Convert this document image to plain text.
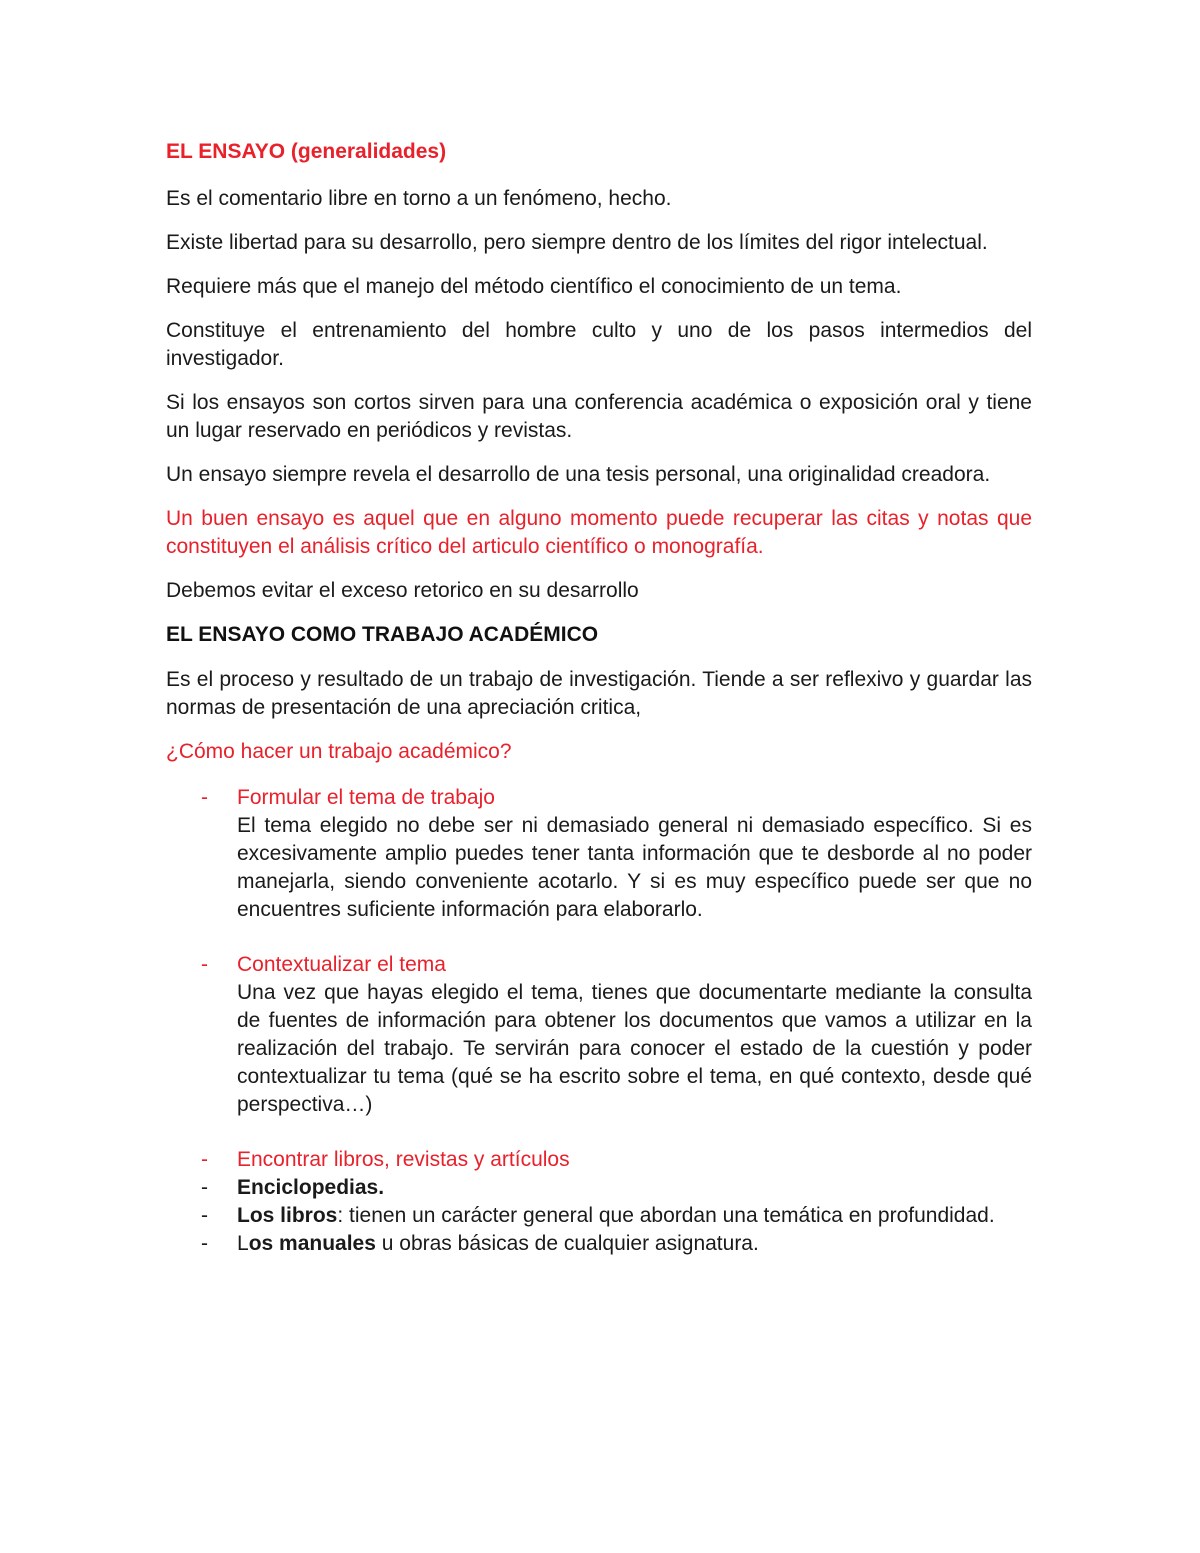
EL ENSAYO (generalidades)

Es el comentario libre en torno a un fenómeno, hecho.

Existe libertad para su desarrollo, pero siempre dentro de los límites del rigor intelectual.

Requiere más que el manejo del método científico el conocimiento de un tema.

Constituye el entrenamiento del hombre culto y uno de los pasos intermedios del investigador.

Si los ensayos son cortos sirven para una conferencia académica o exposición oral y tiene un lugar reservado en periódicos y revistas.

Un ensayo siempre revela el desarrollo de una tesis personal, una originalidad creadora.

Un buen ensayo es aquel que en alguno momento puede recuperar las citas y notas que constituyen el análisis crítico del articulo científico o monografía.

Debemos evitar el exceso retorico en su desarrollo

EL ENSAYO COMO TRABAJO ACADÉMICO

Es el proceso y resultado de un trabajo de investigación. Tiende a ser reflexivo y guardar las normas de presentación de una apreciación critica,

¿Cómo hacer un trabajo académico?

- Formular el tema de trabajo
El tema elegido no debe ser ni demasiado general ni demasiado específico. Si es excesivamente amplio puedes tener tanta información que te desborde al no poder manejarla, siendo conveniente acotarlo. Y si es muy específico puede ser que no encuentres suficiente información para elaborarlo.
- Contextualizar el tema
Una vez que hayas elegido el tema, tienes que documentarte mediante la consulta de fuentes de información para obtener los documentos que vamos a utilizar en la realización del trabajo. Te servirán para conocer el estado de la cuestión y poder contextualizar tu tema (qué se ha escrito sobre el tema, en qué contexto, desde qué perspectiva…)
- Encontrar libros, revistas y artículos
- Enciclopedias.
- Los libros: tienen un carácter general que abordan una temática en profundidad.
- Los manuales u obras básicas de cualquier asignatura.
